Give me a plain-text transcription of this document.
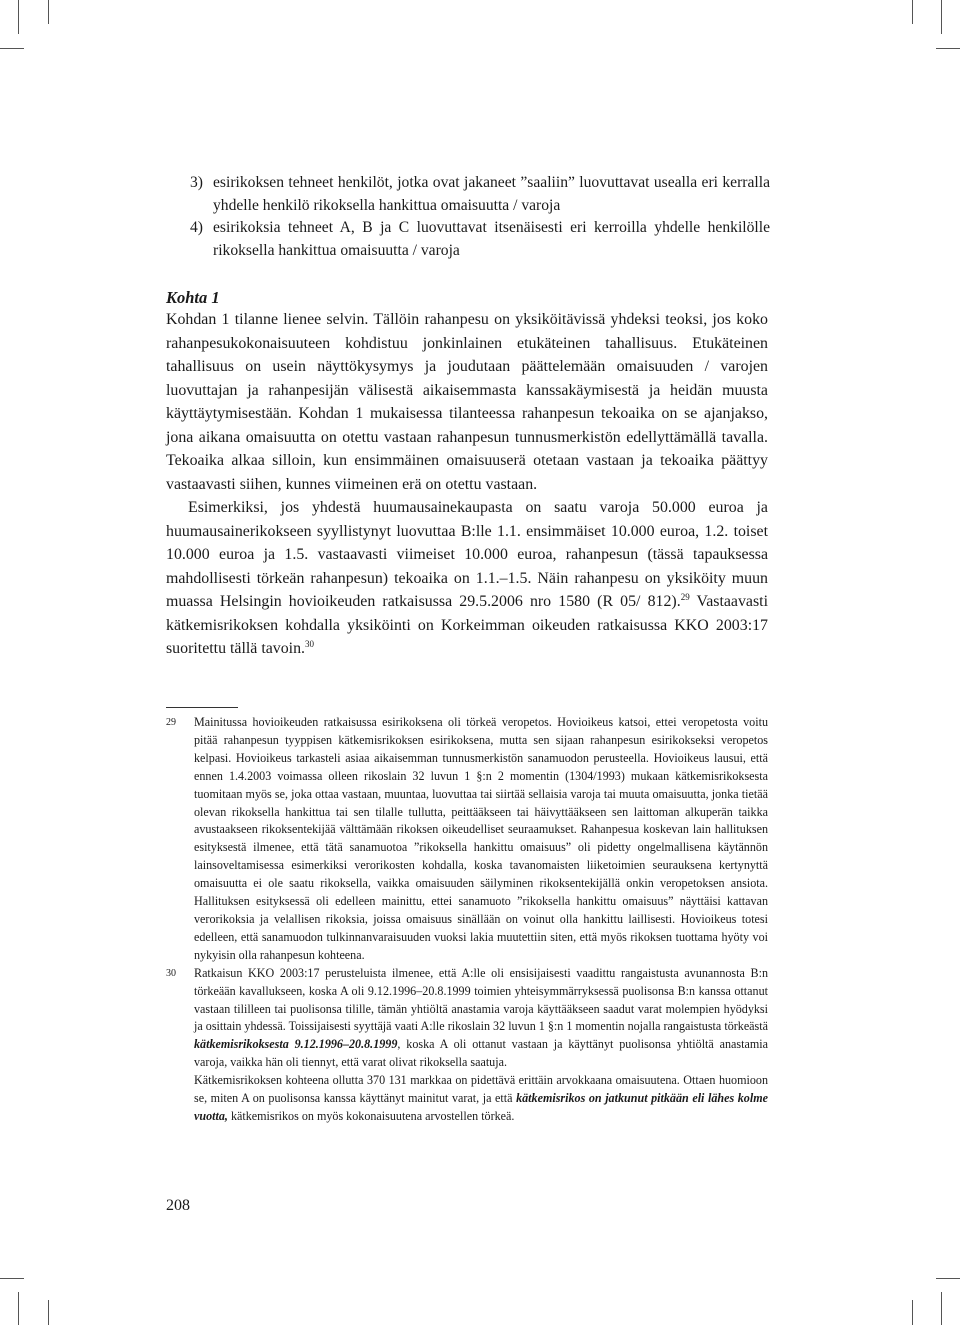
3) esirikoksen tehneet henkilöt, jotka ovat jakaneet ”saaliin” luovuttavat usealla eri kerralla yhdelle henkilö rikoksella hankittua omaisuutta / varoja
4) esirikoksia tehneet A, B ja C luovuttavat itsenäisesti eri kerroilla yhdelle henkilölle rikoksella hankittua omaisuutta / varoja
Kohta 1

Kohdan 1 tilanne lienee selvin. Tällöin rahanpesu on yksiköitävissä yhdeksi teoksi, jos koko rahanpesukokonaisuuteen kohdistuu jonkinlainen etukäteinen tahallisuus. Etukäteinen tahallisuus on usein näyttökysymys ja joudutaan päättelemään omaisuuden / varojen luovuttajan ja rahanpesijän välisestä aikaisemmasta kanssakäymisestä ja heidän muusta käyttäytymisestään. Kohdan 1 mukaisessa tilanteessa rahanpesun tekoaika on se ajanjakso, jona aikana omaisuutta on otettu vastaan rahanpesun tunnusmerkistön edellyttämällä tavalla. Tekoaika alkaa silloin, kun ensimmäinen omaisuuserä otetaan vastaan ja tekoaika päättyy vastaavasti siihen, kunnes viimeinen erä on otettu vastaan.

Esimerkiksi, jos yhdestä huumausainekaupasta on saatu varoja 50.000 euroa ja huumausainerikokseen syyllistynyt luovuttaa B:lle 1.1. ensimmäiset 10.000 euroa, 1.2. toiset 10.000 euroa ja 1.5. vastaavasti viimeiset 10.000 euroa, rahanpesun (tässä tapauksessa mahdollisesti törkeän rahanpesun) tekoaika on 1.1.–1.5. Näin rahanpesu on yksiköity muun muassa Helsingin hovioikeuden ratkaisussa 29.5.2006 nro 1580 (R 05/ 812).$^{29}$ Vastaavasti kätkemisrikoksen kohdalla yksiköinti on Korkeimman oikeuden ratkaisussa KKO 2003:17 suoritettu tällä tavoin.$^{30}$

29 Mainitussa hovioikeuden ratkaisussa esirikoksena oli törkeä veropetos. Hovioikeus katsoi, ettei veropetosta voitu pitää rahanpesun tyyppisen kätkemisrikoksen esirikoksena, mutta sen sijaan rahanpesun esirikokseksi veropetos kelpasi. Hovioikeus tarkasteli asiaa aikaisemman tunnusmerkistön sanamuodon perusteella. Hovioikeus lausui, että ennen 1.4.2003 voimassa olleen rikoslain 32 luvun 1 §:n 2 momentin (1304/1993) mukaan kätkemisrikoksesta tuomitaan myös se, joka ottaa vastaan, muuntaa, luovuttaa tai siirtää sellaisia varoja tai muuta omaisuutta, jonka tietää olevan rikoksella hankittua tai sen tilalle tullutta, peittääkseen tai häivyttääkseen sen laittoman alkuperän taikka avustaakseen rikoksentekijää välttämään rikoksen oikeudelliset seuraamukset. Rahanpesua koskevan lain hallituksen esityksestä ilmenee, että tätä sanamuotoa ”rikoksella hankittu omaisuus” oli pidetty ongelmallisena käytännön lainsoveltamisessa esimerkiksi verorikosten kohdalla, koska tavanomaisten liiketoimien seurauksena kertynyttä omaisuutta ei ole saatu rikoksella, vaikka omaisuuden säilyminen rikoksentekijällä onkin veropetoksen ansiota. Hallituksen esityksessä oli edelleen mainittu, ettei sanamuoto ”rikoksella hankittu omaisuus” näyttäisi kattavan verorikoksia ja velallisen rikoksia, joissa omaisuus sinällään on voinut olla hankittu laillisesti. Hovioikeus totesi edelleen, että sanamuodon tulkinnanvaraisuuden vuoksi lakia muutettiin siten, että myös rikoksen tuottama hyöty voi nykyisin olla rahanpesun kohteena.
30 Ratkaisun KKO 2003:17 perusteluista ilmenee, että A:lle oli ensisijaisesti vaadittu rangaistusta avunannosta B:n törkeään kavallukseen, koska A oli 9.12.1996–20.8.1999 toimien yhteisymmärryksessä puolisonsa B:n kanssa ottanut vastaan tililleen tai puolisonsa tilille, tämän yhtiöltä anastamia varoja käyttääkseen saadut varat molempien hyödyksi ja osittain yhdessä. Toissijaisesti syyttäjä vaati A:lle rikoslain 32 luvun 1 §:n 1 momentin nojalla rangaistusta törkeästä kätkemisrikoksesta 9.12.1996–20.8.1999, koska A oli ottanut vastaan ja käyttänyt puolisonsa yhtiöltä anastamia varoja, vaikka hän oli tiennyt, että varat olivat rikoksella saatuja.
Kätkemisrikoksen kohteena ollutta 370 131 markkaa on pidettävä erittäin arvokkaana omaisuutena. Ottaen huomioon se, miten A on puolisonsa kanssa käyttänyt mainitut varat, ja että kätkemisrikos on jatkunut pitkään eli lähes kolme vuotta, kätkemisrikos on myös kokonaisuutena arvostellen törkeä.
208
